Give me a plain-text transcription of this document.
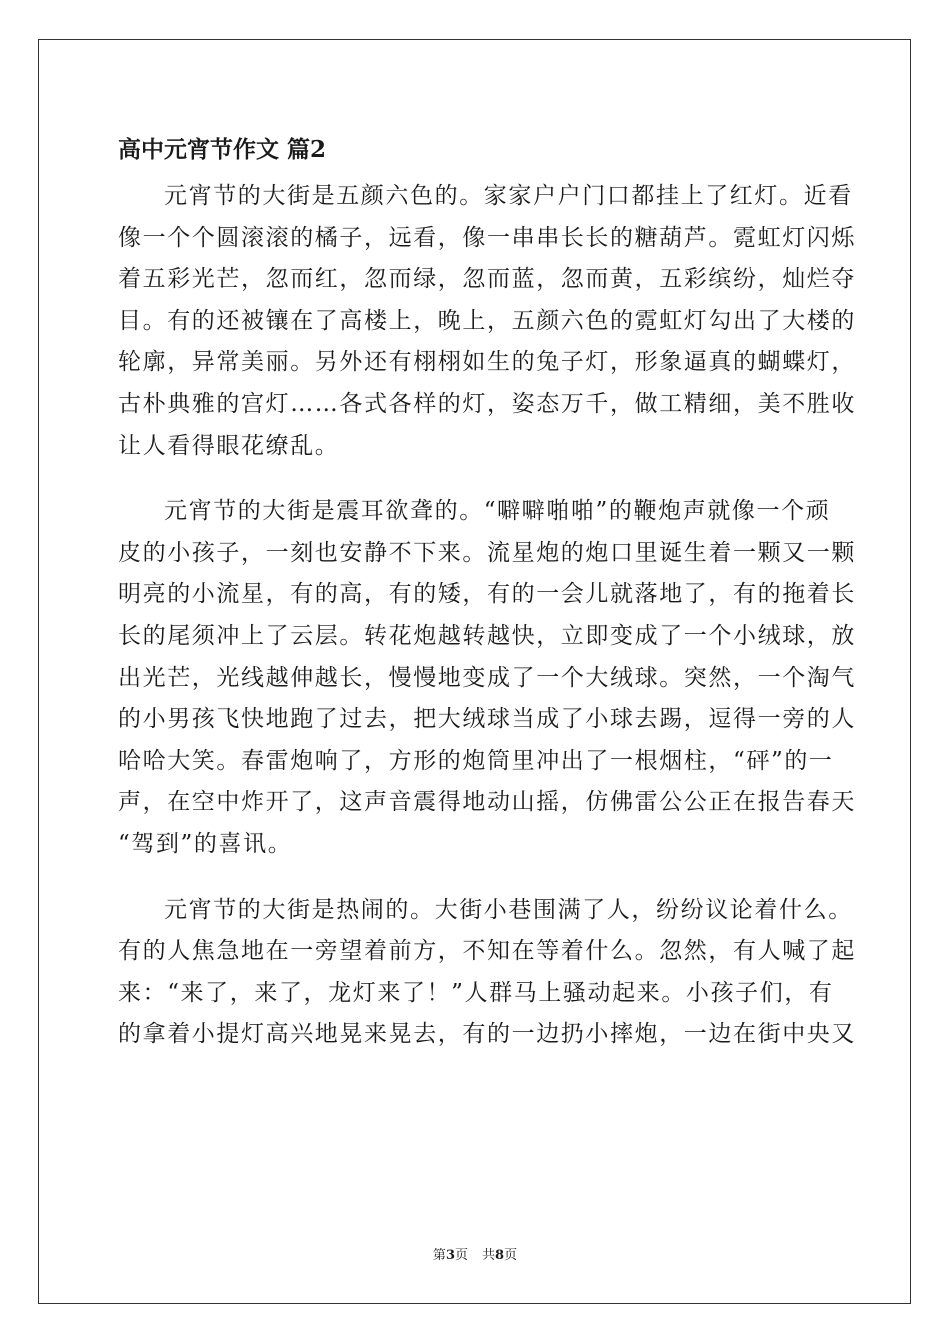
高中元宵节作文 篇2
元宵节的大街是五颜六色的。家家户户门口都挂上了红灯。近看
像一个个圆滚滚的橘子，远看，像一串串长长的糖葫芦。霓虹灯闪烁
着五彩光芒，忽而红，忽而绿，忽而蓝，忽而黄，五彩缤纷，灿烂夺
目。有的还被镶在了高楼上，晚上，五颜六色的霓虹灯勾出了大楼的
轮廓，异常美丽。另外还有栩栩如生的兔子灯，形象逼真的蝴蝶灯，
古朴典雅的宫灯……各式各样的灯，姿态万千，做工精细，美不胜收
让人看得眼花缭乱。
元宵节的大街是震耳欲聋的。“噼噼啪啪”的鞭炮声就像一个顽
皮的小孩子，一刻也安静不下来。流星炮的炮口里诞生着一颗又一颗
明亮的小流星，有的高，有的矮，有的一会儿就落地了，有的拖着长
长的尾须冲上了云层。转花炮越转越快，立即变成了一个小绒球，放
出光芒，光线越伸越长，慢慢地变成了一个大绒球。突然，一个淘气
的小男孩飞快地跑了过去，把大绒球当成了小球去踢，逗得一旁的人
哈哈大笑。春雷炮响了，方形的炮筒里冲出了一根烟柱，“砰”的一
声，在空中炸开了，这声音震得地动山摇，仿佛雷公公正在报告春天
“驾到”的喜讯。
元宵节的大街是热闹的。大街小巷围满了人，纷纷议论着什么。
有的人焦急地在一旁望着前方，不知在等着什么。忽然，有人喊了起
来：“来了，来了，龙灯来了！”人群马上骚动起来。小孩子们，有
的拿着小提灯高兴地晃来晃去，有的一边扔小摔炮，一边在街中央又
第3页 共8页
